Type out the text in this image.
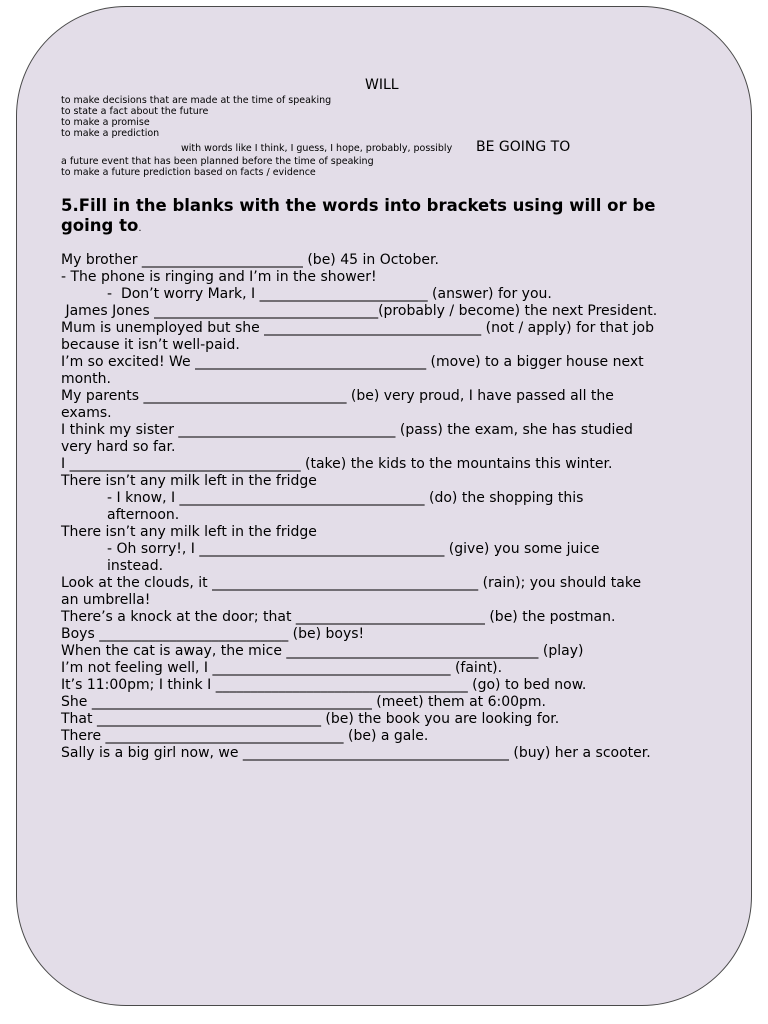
WILL
to make decisions that are made at the time of speaking
to state a fact about the future
to make a promise
to make a prediction
with words like I think, I guess, I hope, probably, possibly BE GOING TO
a future event that has been planned before the time of speaking
to make a future prediction based on facts / evidence
5.Fill in the blanks with the words into brackets using will or be going to.
My brother _______________________ (be) 45 in October.
- The phone is ringing and I’m in the shower!
-  Don’t worry Mark, I ________________________ (answer) for you.
James Jones ________________________________(probably / become) the next President.
Mum is unemployed but she _______________________________ (not / apply) for that job
because it isn’t well-paid.
I’m so excited! We _________________________________ (move) to a bigger house next
month.
My parents _____________________________ (be) very proud, I have passed all the
exams.
I think my sister _______________________________ (pass) the exam, she has studied
very hard so far.
I _________________________________ (take) the kids to the mountains this winter.
There isn’t any milk left in the fridge
- I know, I ___________________________________ (do) the shopping this
afternoon.
There isn’t any milk left in the fridge
- Oh sorry!, I ___________________________________ (give) you some juice
instead.
Look at the clouds, it ______________________________________ (rain); you should take
an umbrella!
There’s a knock at the door; that ___________________________ (be) the postman.
Boys ___________________________ (be) boys!
When the cat is away, the mice ____________________________________ (play)
I’m not feeling well, I __________________________________ (faint).
It’s 11:00pm; I think I ____________________________________ (go) to bed now.
She ________________________________________ (meet) them at 6:00pm.
That ________________________________ (be) the book you are looking for.
There __________________________________ (be) a gale.
Sally is a big girl now, we ______________________________________ (buy) her a scooter.
